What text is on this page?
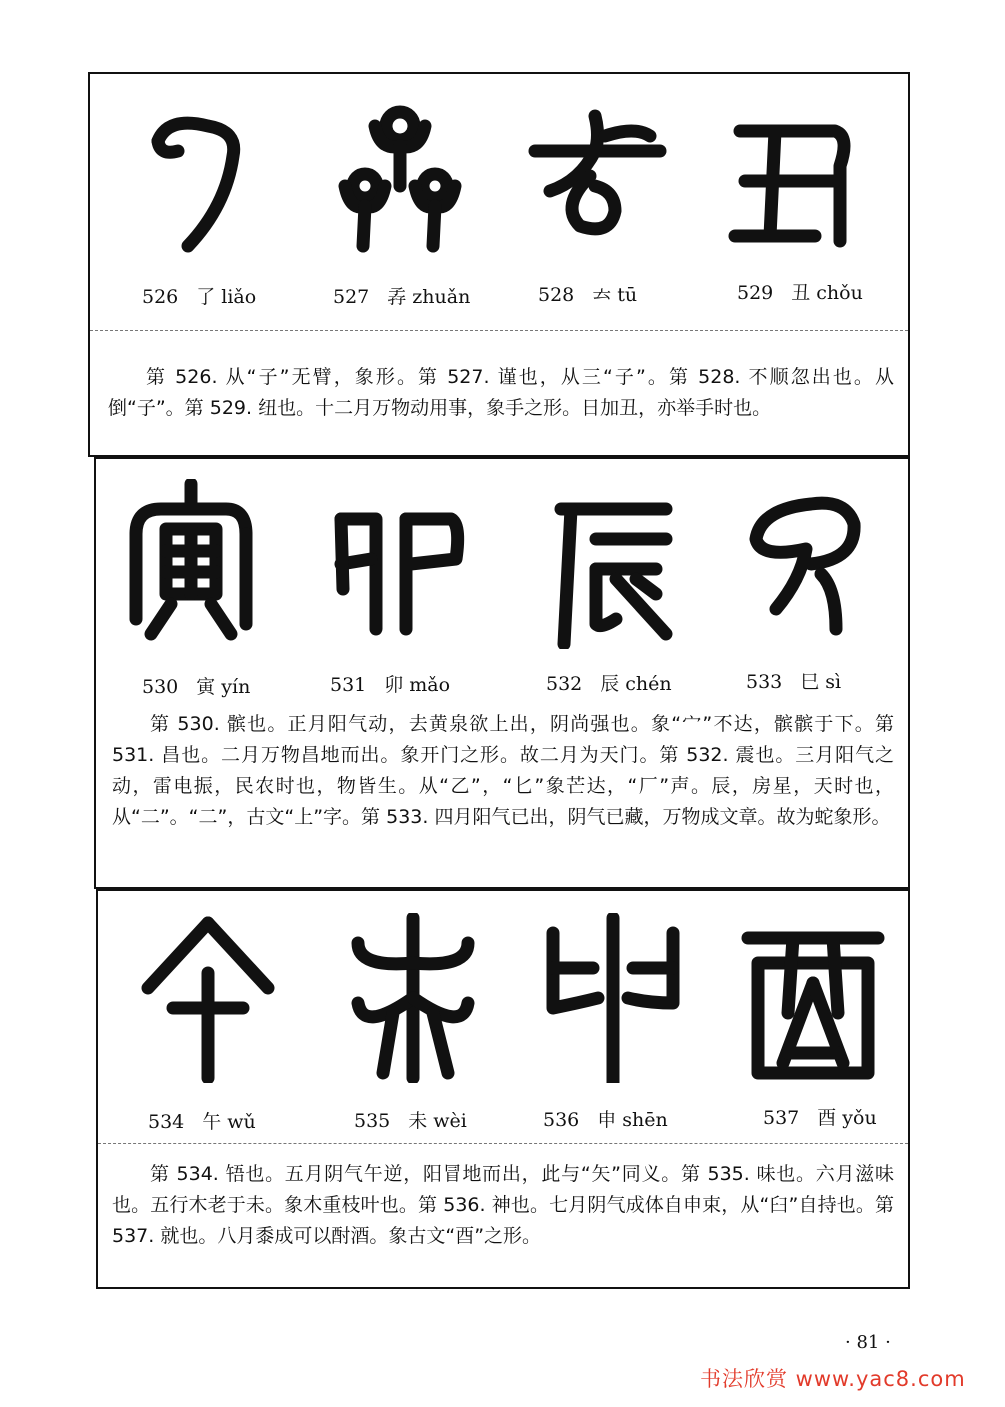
526 了 liǎo	527 孨 zhuǎn	528 𠫓 tū	529 丑 chǒu
第 526. 从“子”无臂，象形。第 527. 谨也，从三“子”。第 528. 不顺忽出也。从倒“子”。第 529. 纽也。十二月万物动用事，象手之形。日加丑，亦举手时也。
530 寅 yín	531 卯 mǎo	532 辰 chén	533 巳 sì
第 530. 髌也。正月阳气动，去黄泉欲上出，阴尚强也。象“宀”不达，髌髌于下。第 531. 昌也。二月万物昌地而出。象开门之形。故二月为天门。第 532. 震也。三月阳气之动，雷电振，民农时也，物皆生。从“乙”，“匕”象芒达，“厂”声。辰，房星，天时也，从“二”。“二”，古文“上”字。第 533. 四月阳气已出，阴气已藏，万物成文章。故为蛇象形。
534 午 wǔ	535 未 wèi	536 申 shēn	537 酉 yǒu
第 534. 啎也。五月阴气午逆，阳冒地而出，此与“矢”同义。第 535. 味也。六月滋味也。五行木老于未。象木重枝叶也。第 536. 神也。七月阴气成体自申束，从“臼”自持也。第 537. 就也。八月黍成可以酎酒。象古文“酉”之形。
· 81 ·
书法欣赏 www.yac8.com
